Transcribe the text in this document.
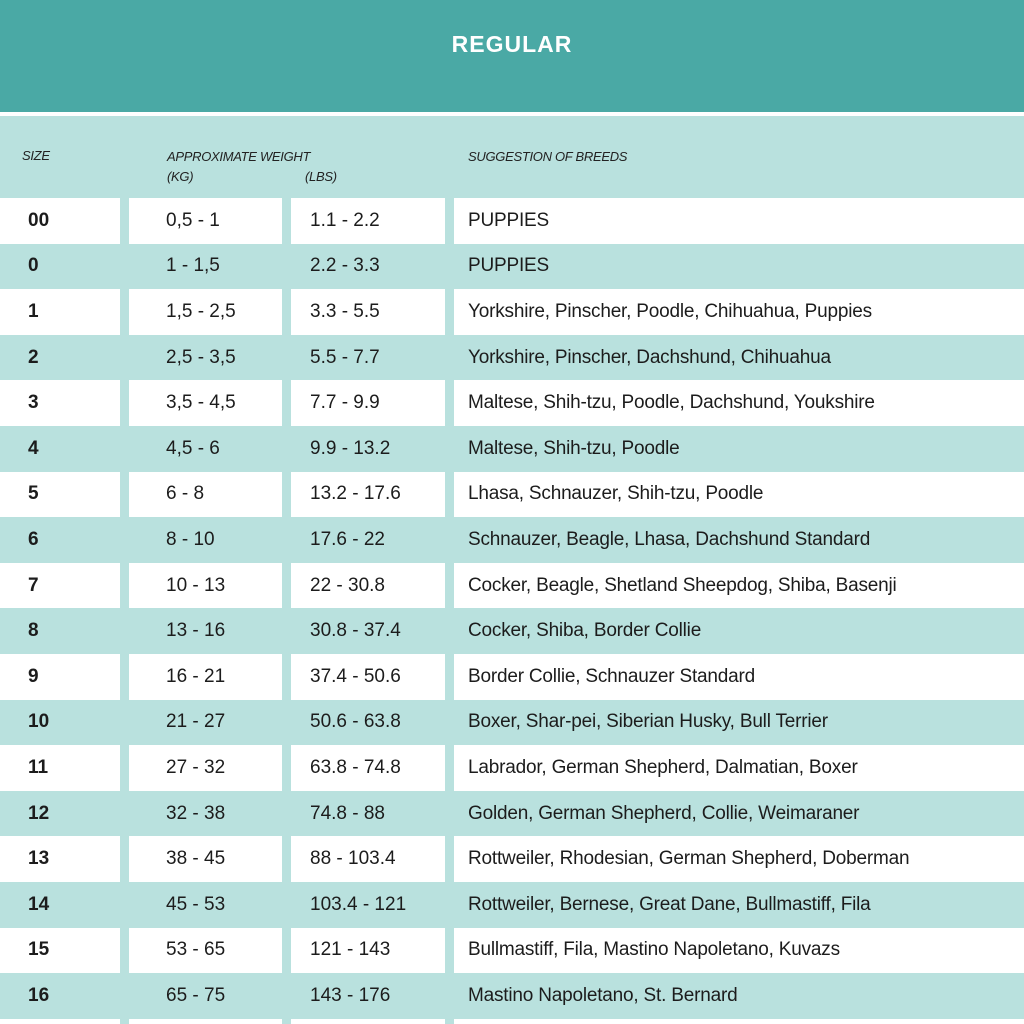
REGULAR
SIZE	APPROXIMATE WEIGHT
(KG)	(LBS)
SUGGESTION OF BREEDS
00	0,5 - 1	1.1 - 2.2	PUPPIES
0	1 - 1,5	2.2 - 3.3	PUPPIES
1	1,5 - 2,5	3.3 - 5.5	Yorkshire, Pinscher, Poodle, Chihuahua, Puppies
2	2,5 - 3,5	5.5 - 7.7	Yorkshire, Pinscher, Dachshund, Chihuahua
3	3,5 - 4,5	7.7 - 9.9	Maltese, Shih-tzu, Poodle, Dachshund, Youkshire
4	4,5 - 6	9.9 - 13.2	Maltese, Shih-tzu, Poodle
5	6 - 8	13.2 - 17.6	Lhasa, Schnauzer, Shih-tzu, Poodle
6	8 - 10	17.6 - 22	Schnauzer, Beagle, Lhasa, Dachshund Standard
7	10 - 13	22 - 30.8	Cocker, Beagle, Shetland Sheepdog, Shiba, Basenji
8	13 - 16	30.8 - 37.4	Cocker, Shiba, Border Collie
9	16 - 21	37.4 - 50.6	Border Collie, Schnauzer Standard
10	21 - 27	50.6 - 63.8	Boxer, Shar-pei, Siberian Husky, Bull Terrier
11	27 - 32	63.8 - 74.8	Labrador, German Shepherd, Dalmatian, Boxer
12	32 - 38	74.8 - 88	Golden, German Shepherd, Collie, Weimaraner
13	38 - 45	88 - 103.4	Rottweiler, Rhodesian, German Shepherd, Doberman
14	45 - 53	103.4 - 121	Rottweiler, Bernese, Great Dane, Bullmastiff, Fila
15	53 - 65	121 - 143	Bullmastiff, Fila, Mastino Napoletano, Kuvazs
16	65 - 75	143 - 176	Mastino Napoletano, St. Bernard
